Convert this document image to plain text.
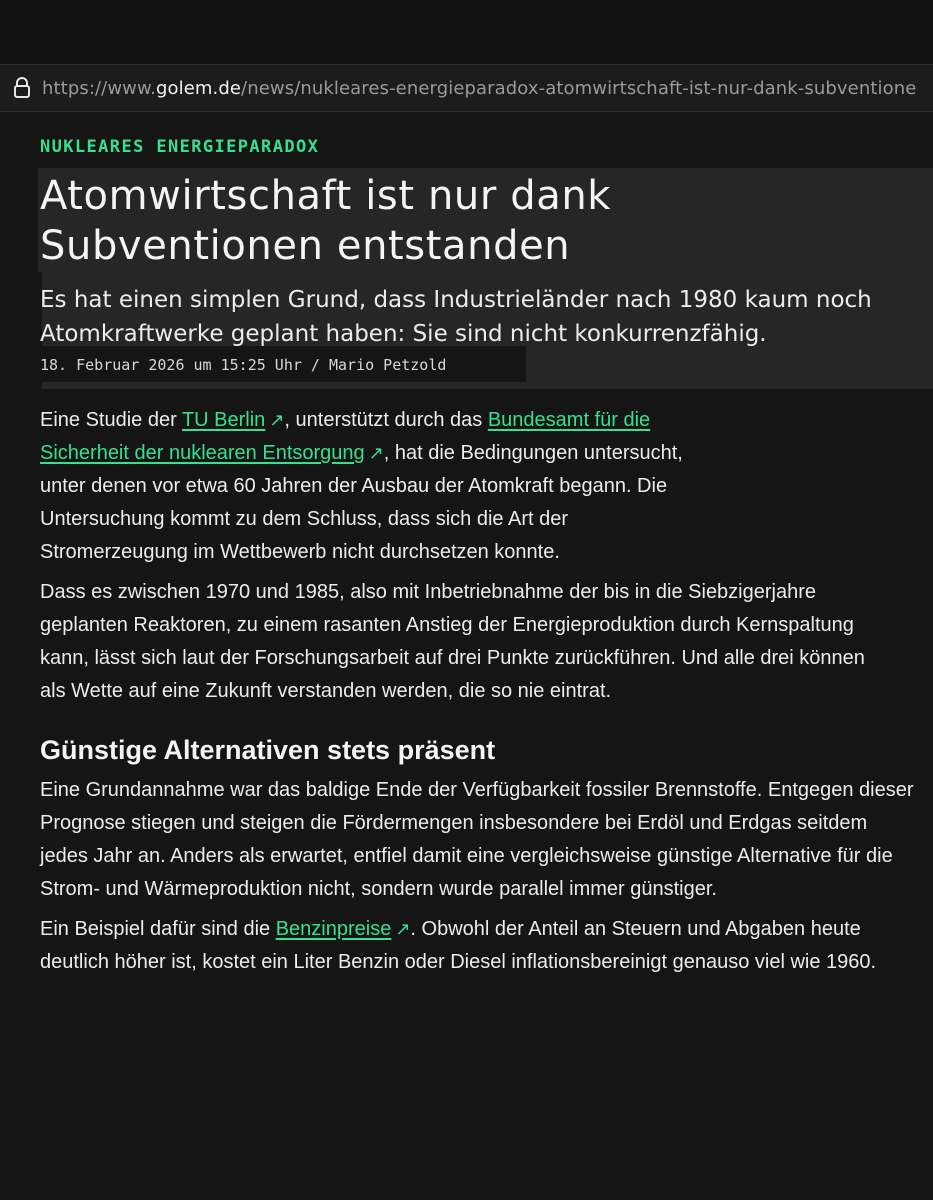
https://www.golem.de/news/nukleares-energieparadox-atomwirtschaft-ist-nur-dank-subventione
NUKLEARES ENERGIEPARADOX
Atomwirtschaft ist nur dank
Subventionen entstanden

Es hat einen simplen Grund, dass Industrieländer nach 1980 kaum noch Atomkraftwerke geplant haben: Sie sind nicht konkurrenzfähig.

18. Februar 2026 um 15:25 Uhr / Mario Petzold

Eine Studie der TU Berlin ↗, unterstützt durch das Bundesamt für die Sicherheit der nuklearen Entsorgung ↗, hat die Bedingungen untersucht, unter denen vor etwa 60 Jahren der Ausbau der Atomkraft begann. Die Untersuchung kommt zu dem Schluss, dass sich die Art der Stromerzeugung im Wettbewerb nicht durchsetzen konnte.

Dass es zwischen 1970 und 1985, also mit Inbetriebnahme der bis in die Siebzigerjahre geplanten Reaktoren, zu einem rasanten Anstieg der Energieproduktion durch Kernspaltung kann, lässt sich laut der Forschungsarbeit auf drei Punkte zurückführen. Und alle drei können als Wette auf eine Zukunft verstanden werden, die so nie eintrat.

Günstige Alternativen stets präsent

Eine Grundannahme war das baldige Ende der Verfügbarkeit fossiler Brennstoffe. Entgegen dieser Prognose stiegen und steigen die Fördermengen insbesondere bei Erdöl und Erdgas seitdem jedes Jahr an. Anders als erwartet, entfiel damit eine vergleichsweise günstige Alternative für die Strom- und Wärmeproduktion nicht, sondern wurde parallel immer günstiger.

Ein Beispiel dafür sind die Benzinpreise ↗. Obwohl der Anteil an Steuern und Abgaben heute deutlich höher ist, kostet ein Liter Benzin oder Diesel inflationsbereinigt genauso viel wie 1960.
